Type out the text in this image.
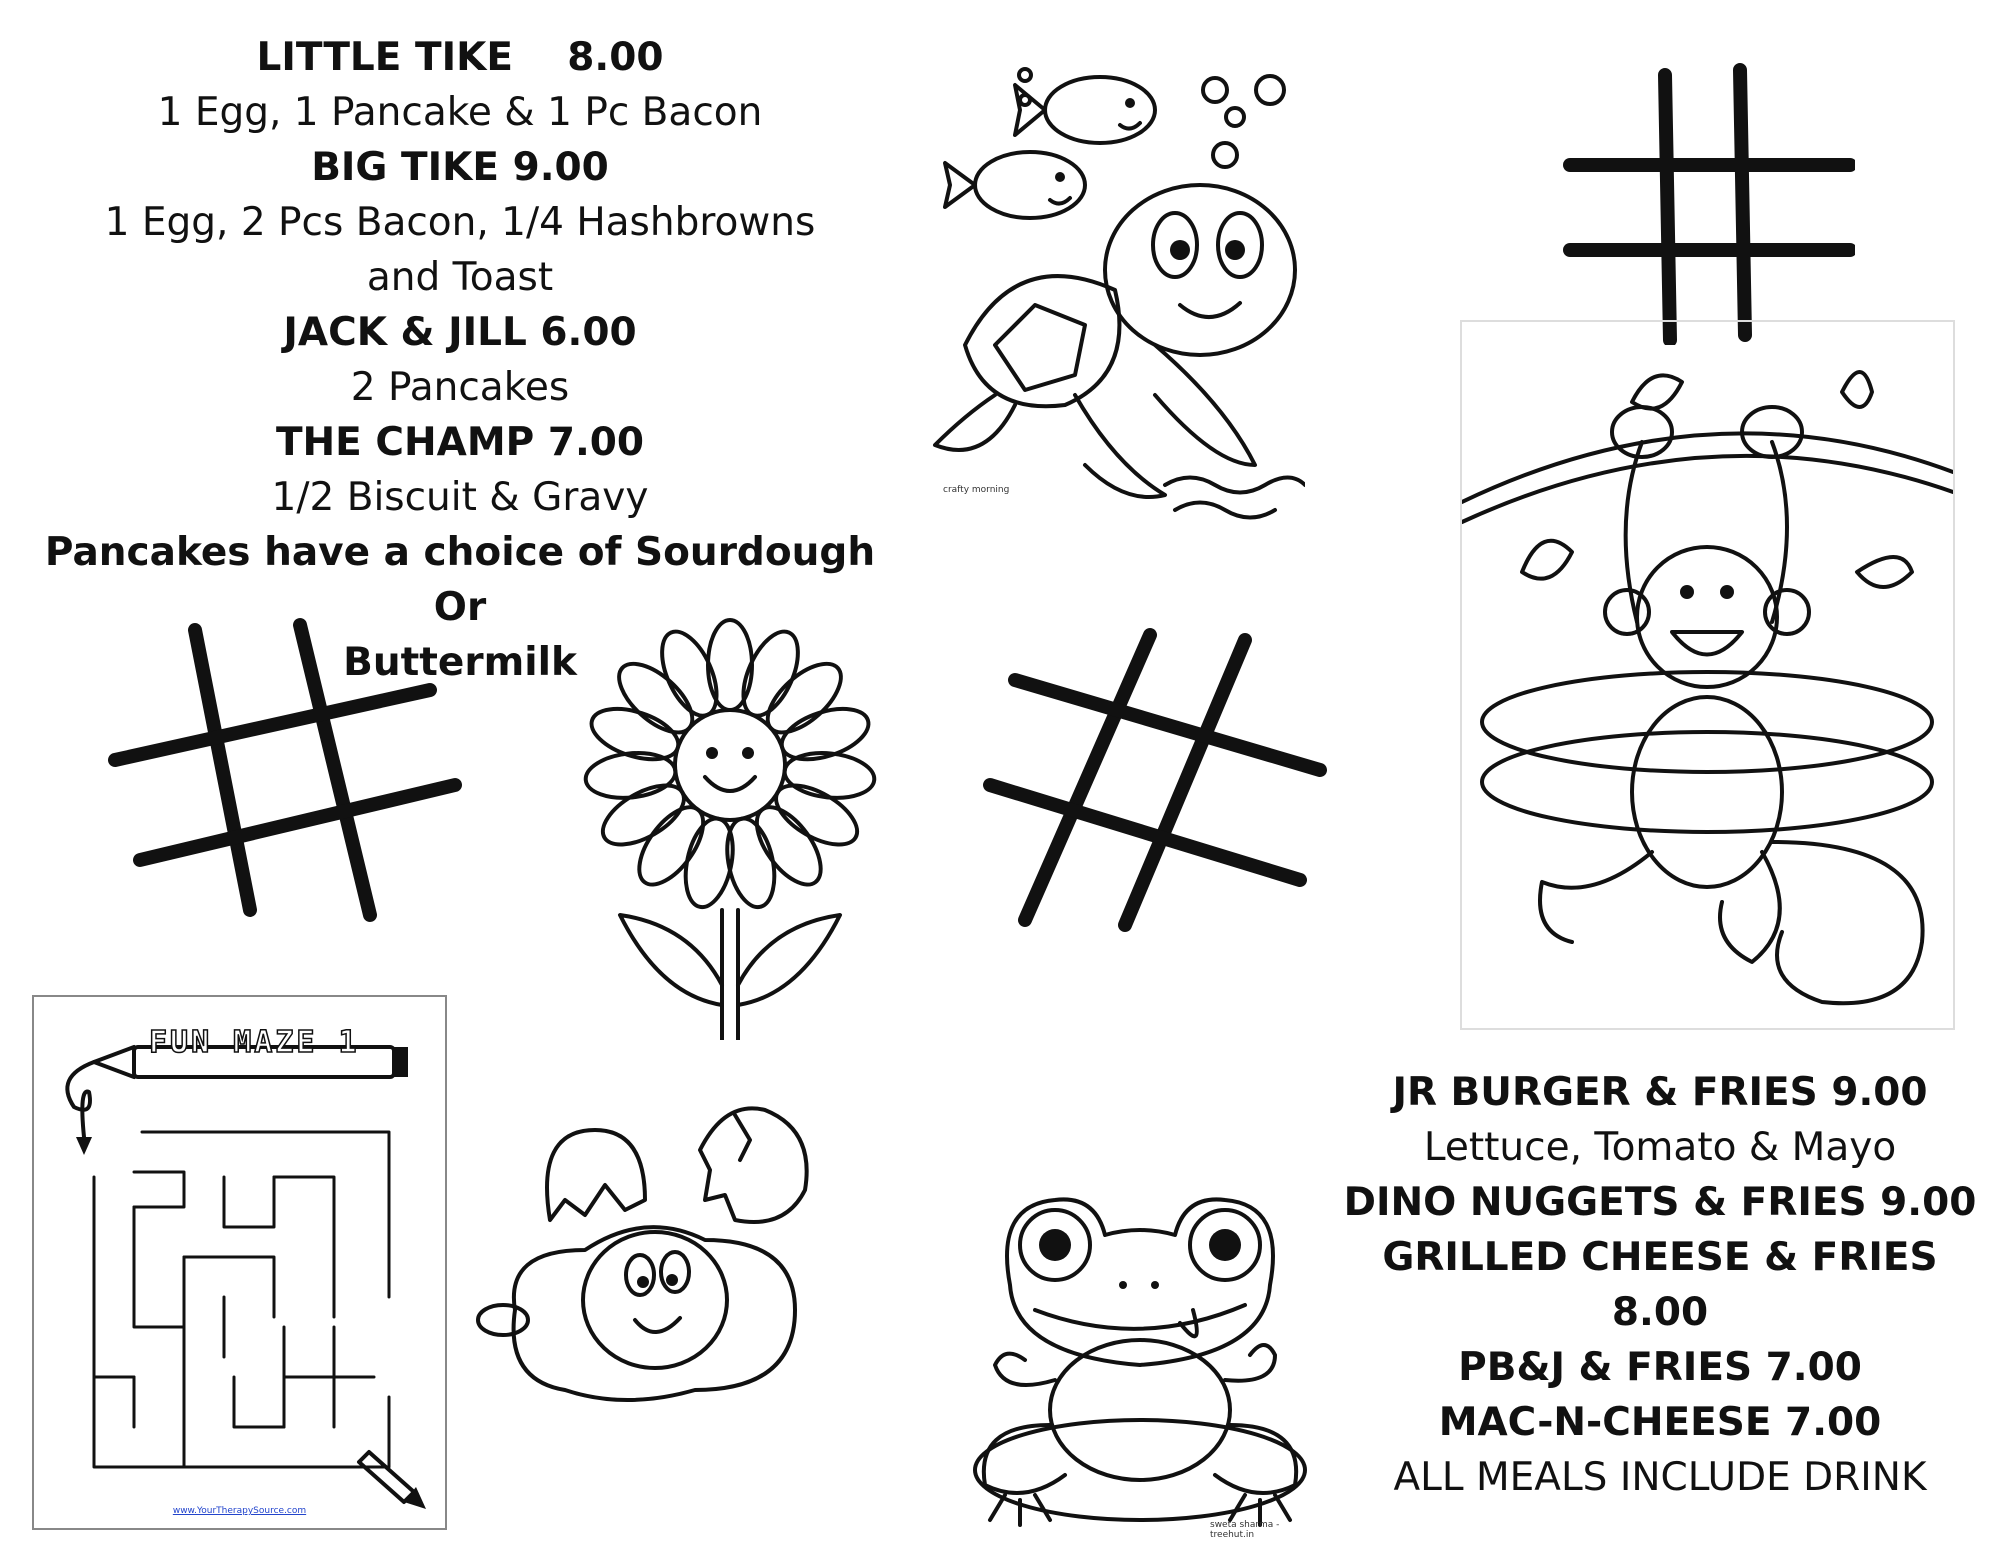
LITTLE TIKE    8.00
1 Egg, 1 Pancake & 1 Pc Bacon
BIG TIKE 9.00
1 Egg, 2 Pcs Bacon, 1/4 Hashbrowns
and Toast
JACK & JILL 6.00
2 Pancakes
THE CHAMP 7.00
1/2 Biscuit & Gravy
Pancakes have a choice of Sourdough Or
Buttermilk
JR BURGER & FRIES 9.00
Lettuce, Tomato & Mayo
DINO NUGGETS & FRIES 9.00
GRILLED CHEESE & FRIES 8.00
PB&J & FRIES 7.00
MAC-N-CHEESE 7.00
ALL MEALS INCLUDE DRINK
crafty morning
FUN MAZE 1
www.YourTherapySource.com
sweta sharma - treehut.in
